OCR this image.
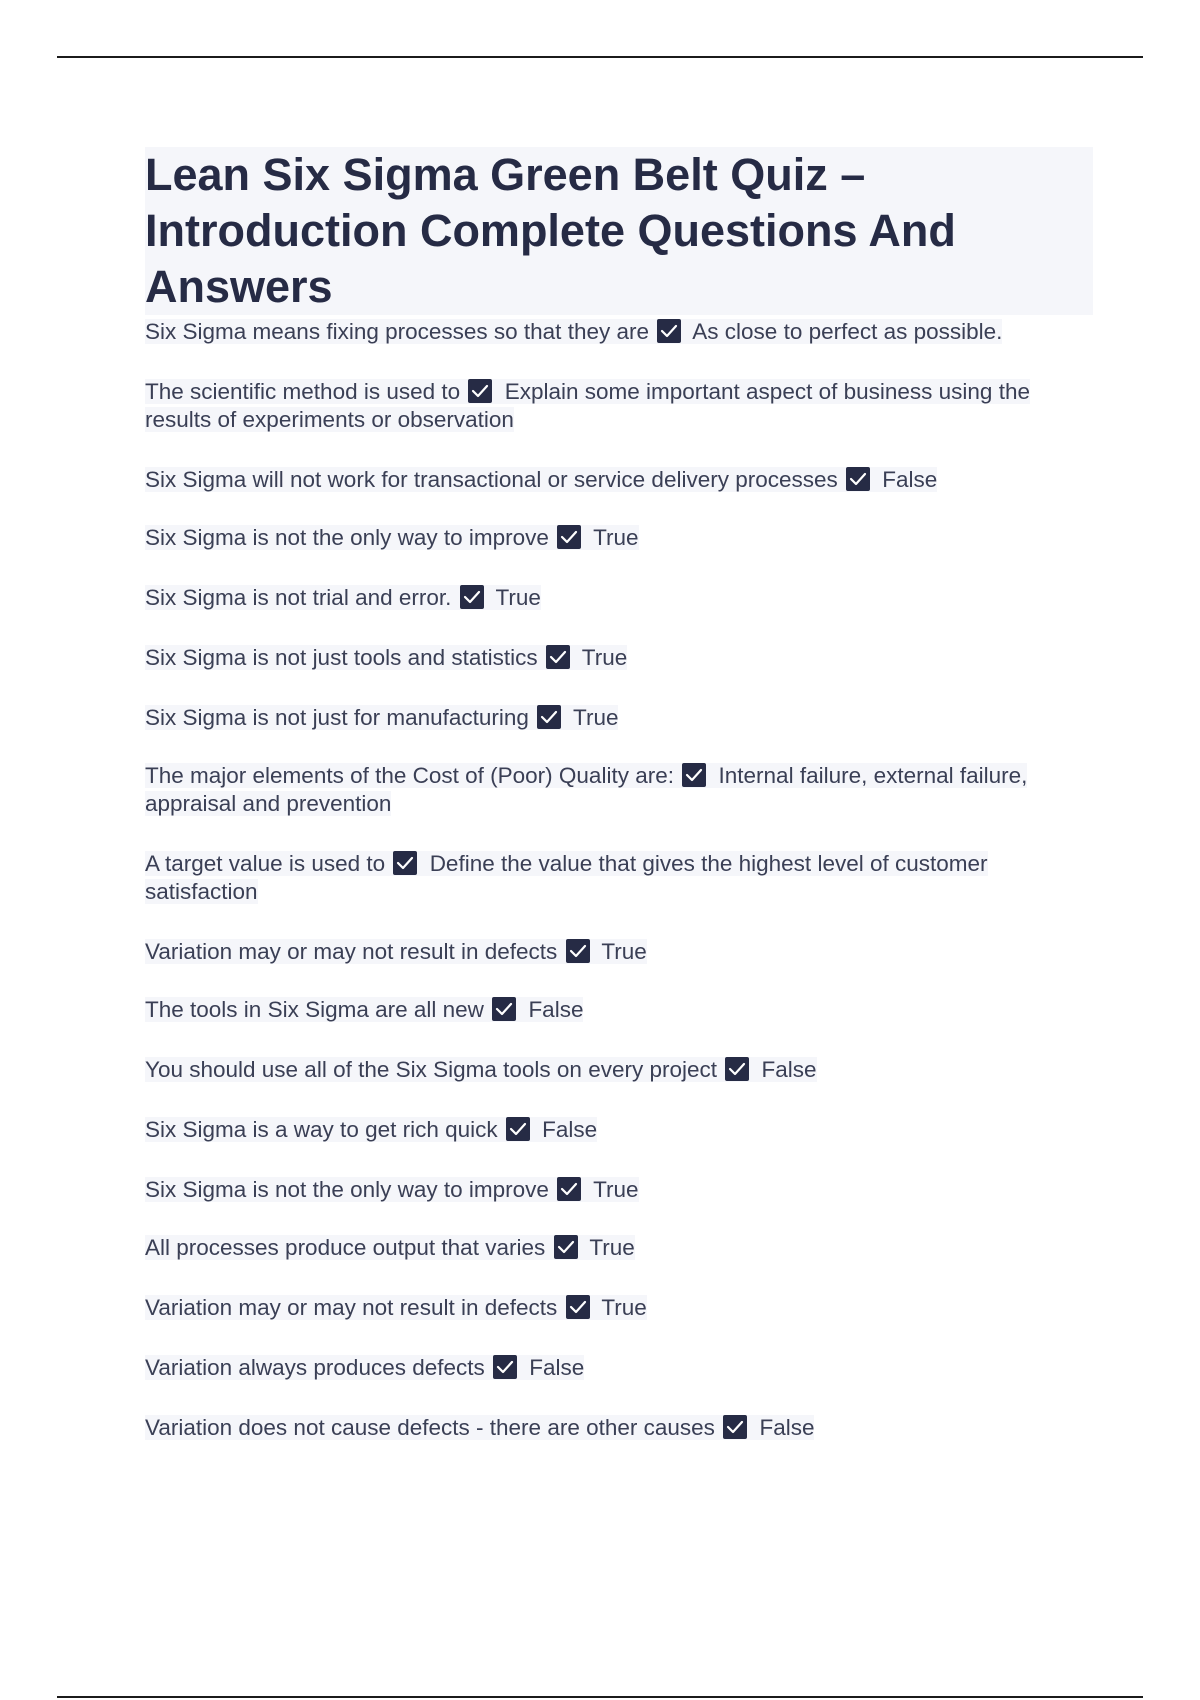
Lean Six Sigma Green Belt Quiz – Introduction Complete Questions And Answers
Six Sigma means fixing processes so that they are As close to perfect as possible.
The scientific method is used to Explain some important aspect of business using the results of experiments or observation
Six Sigma will not work for transactional or service delivery processes False
Six Sigma is not the only way to improve True
Six Sigma is not trial and error. True
Six Sigma is not just tools and statistics True
Six Sigma is not just for manufacturing True
The major elements of the Cost of (Poor) Quality are: Internal failure, external failure, appraisal and prevention
A target value is used to Define the value that gives the highest level of customer satisfaction
Variation may or may not result in defects True
The tools in Six Sigma are all new False
You should use all of the Six Sigma tools on every project False
Six Sigma is a way to get rich quick False
Six Sigma is not the only way to improve True
All processes produce output that varies True
Variation may or may not result in defects True
Variation always produces defects False
Variation does not cause defects - there are other causes False
